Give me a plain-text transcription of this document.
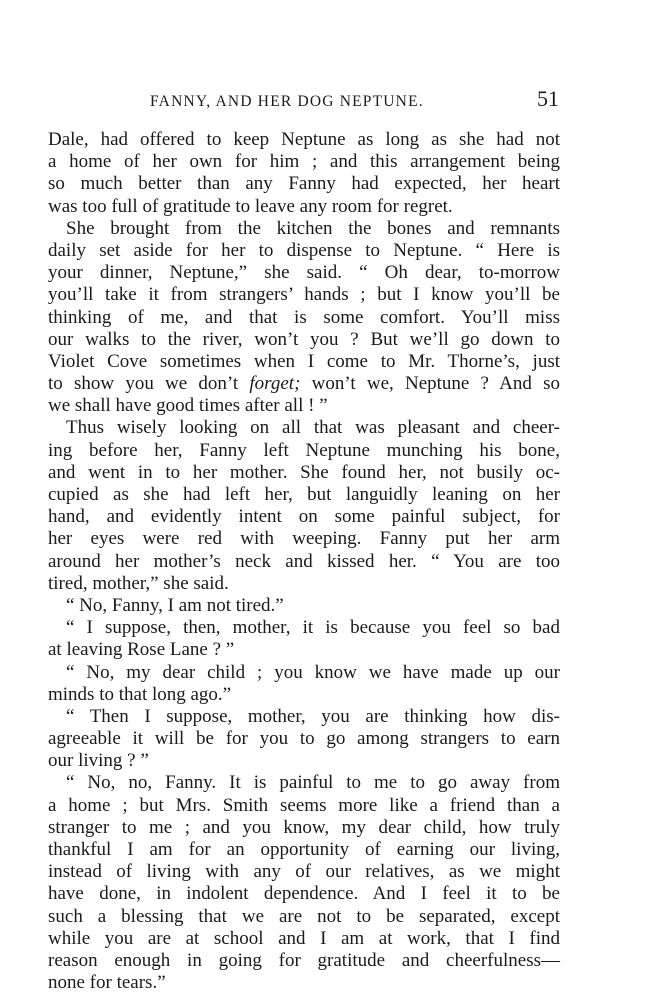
FANNY, AND HER DOG NEPTUNE.	51
Dale, had offered to keep Neptune as long as she had not
a home of her own for him ; and this arrangement being
so much better than any Fanny had expected, her heart
was too full of gratitude to leave any room for regret.
She brought from the kitchen the bones and remnants
daily set aside for her to dispense to Neptune. “ Here is
your dinner, Neptune,” she said. “ Oh dear, to-morrow
you’ll take it from strangers’ hands ; but I know you’ll be
thinking of me, and that is some comfort. You’ll miss
our walks to the river, won’t you ? But we’ll go down to
Violet Cove sometimes when I come to Mr. Thorne’s, just
to show you we don’t forget; won’t we, Neptune ? And so
we shall have good times after all ! ”
Thus wisely looking on all that was pleasant and cheer-
ing before her, Fanny left Neptune munching his bone,
and went in to her mother. She found her, not busily oc-
cupied as she had left her, but languidly leaning on her
hand, and evidently intent on some painful subject, for
her eyes were red with weeping. Fanny put her arm
around her mother’s neck and kissed her. “ You are too
tired, mother,” she said.
“ No, Fanny, I am not tired.”
“ I suppose, then, mother, it is because you feel so bad
at leaving Rose Lane ? ”
“ No, my dear child ; you know we have made up our
minds to that long ago.”
“ Then I suppose, mother, you are thinking how dis-
agreeable it will be for you to go among strangers to earn
our living ? ”
“ No, no, Fanny. It is painful to me to go away from
a home ; but Mrs. Smith seems more like a friend than a
stranger to me ; and you know, my dear child, how truly
thankful I am for an opportunity of earning our living,
instead of living with any of our relatives, as we might
have done, in indolent dependence. And I feel it to be
such a blessing that we are not to be separated, except
while you are at school and I am at work, that I find
reason enough in going for gratitude and cheerfulness—
none for tears.”
